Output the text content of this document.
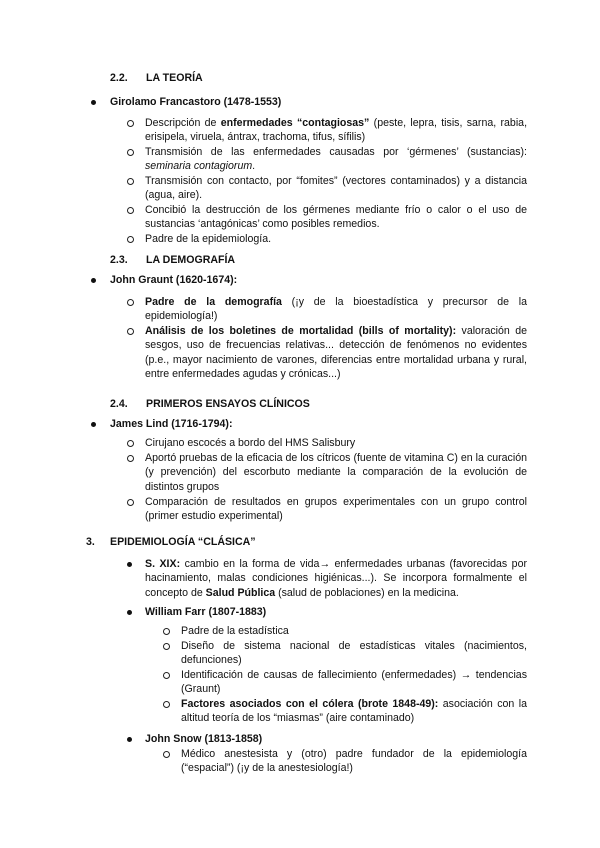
2.2. LA TEORÍA
Girolamo Francastoro (1478-1553)
Descripción de enfermedades “contagiosas” (peste, lepra, tisis, sarna, rabia, erisipela, viruela, ántrax, trachoma, tifus, sífilis)
Transmisión de las enfermedades causadas por ‘gérmenes’ (sustancias): seminaria contagiorum.
Transmisión con contacto, por “fomites” (vectores contaminados) y a distancia (agua, aire).
Concibió la destrucción de los gérmenes mediante frío o calor o el uso de sustancias ‘antagónicas’ como posibles remedios.
Padre de la epidemiología.
2.3. LA DEMOGRAFÍA
John Graunt (1620-1674):
Padre de la demografía (¡y de la bioestadística y precursor de la epidemiología!)
Análisis de los boletines de mortalidad (bills of mortality): valoración de sesgos, uso de frecuencias relativas... detección de fenómenos no evidentes (p.e., mayor nacimiento de varones, diferencias entre mortalidad urbana y rural, entre enfermedades agudas y crónicas...)
2.4. PRIMEROS ENSAYOS CLÍNICOS
James Lind (1716-1794):
Cirujano escocés a bordo del HMS Salisbury
Aportó pruebas de la eficacia de los cítricos (fuente de vitamina C) en la curación (y prevención) del escorbuto mediante la comparación de la evolución de distintos grupos
Comparación de resultados en grupos experimentales con un grupo control (primer estudio experimental)
3. EPIDEMIOLOGÍA “CLÁSICA”
S. XIX: cambio en la forma de vida→ enfermedades urbanas (favorecidas por hacinamiento, malas condiciones higiénicas...). Se incorpora formalmente el concepto de Salud Pública (salud de poblaciones) en la medicina.
William Farr (1807-1883)
Padre de la estadística
Diseño de sistema nacional de estadísticas vitales (nacimientos, defunciones)
Identificación de causas de fallecimiento (enfermedades) → tendencias (Graunt)
Factores asociados con el cólera (brote 1848-49): asociación con la altitud teoría de los “miasmas” (aire contaminado)
John Snow (1813-1858)
Médico anestesista y (otro) padre fundador de la epidemiología (“espacial”) (¡y de la anestesiología!)
